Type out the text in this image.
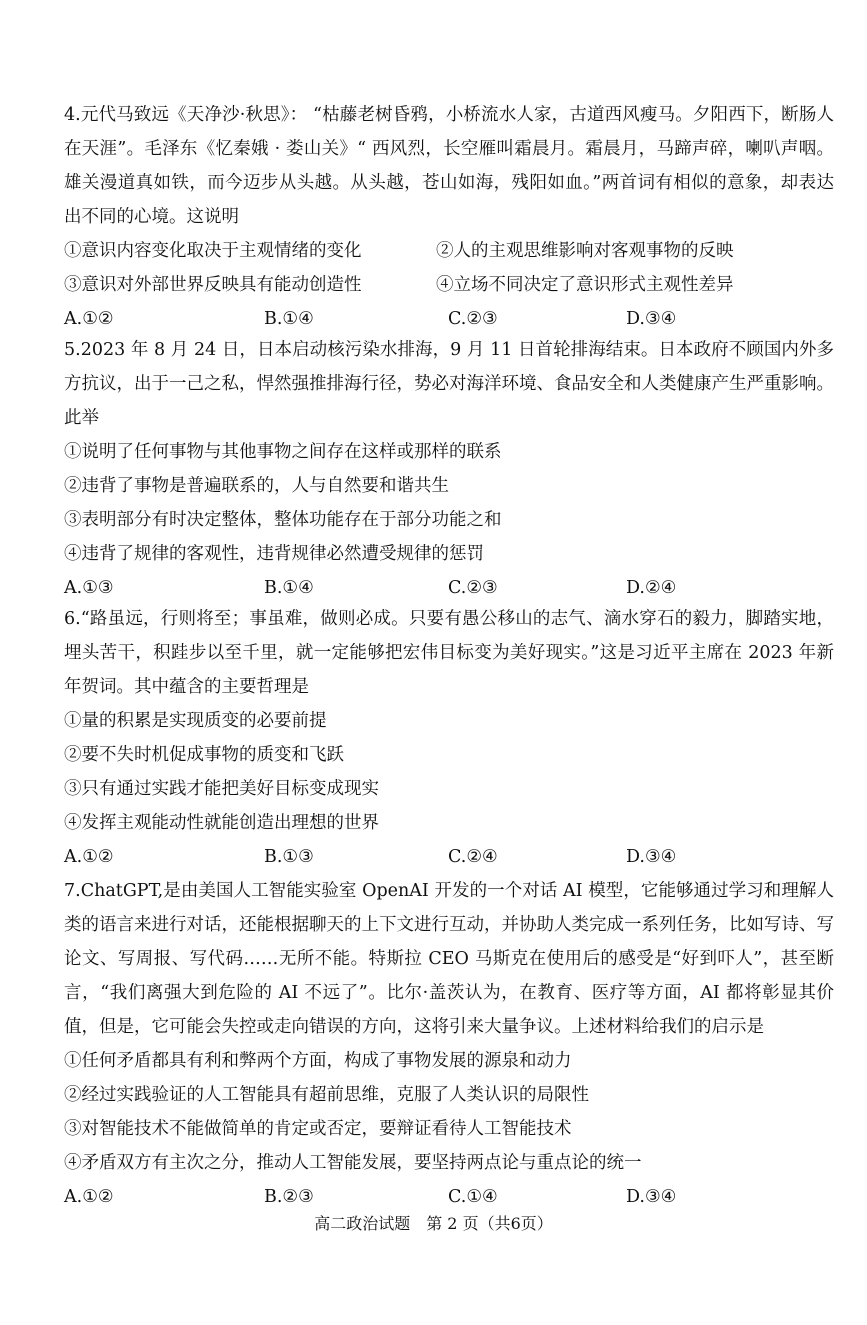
4.元代马致远《天净沙·秋思》： “枯藤老树昏鸦，小桥流水人家，古道西风瘦马。夕阳西下，断肠人在天涯”。毛泽东《忆秦娥 · 娄山关》“ 西风烈，长空雁叫霜晨月。霜晨月，马蹄声碎，喇叭声咽。雄关漫道真如铁，而今迈步从头越。从头越，苍山如海，残阳如血。”两首词有相似的意象，却表达出不同的心境。这说明

①意识内容变化取决于主观情绪的变化	②人的主观思维影响对客观事物的反映
③意识对外部世界反映具有能动创造性	④立场不同决定了意识形式主观性差异
A.①②	B.①④	C.②③	D.③④

5.2023 年 8 月 24 日，日本启动核污染水排海，9 月 11 日首轮排海结束。日本政府不顾国内外多方抗议，出于一己之私，悍然强推排海行径，势必对海洋环境、食品安全和人类健康产生严重影响。此举

①说明了任何事物与其他事物之间存在这样或那样的联系
②违背了事物是普遍联系的，人与自然要和谐共生
③表明部分有时决定整体，整体功能存在于部分功能之和
④违背了规律的客观性，违背规律必然遭受规律的惩罚
A.①③	B.①④	C.②③	D.②④

6.“路虽远，行则将至；事虽难，做则必成。只要有愚公移山的志气、滴水穿石的毅力，脚踏实地，埋头苦干，积跬步以至千里，就一定能够把宏伟目标变为美好现实。”这是习近平主席在 2023 年新年贺词。其中蕴含的主要哲理是

①量的积累是实现质变的必要前提
②要不失时机促成事物的质变和飞跃
③只有通过实践才能把美好目标变成现实
④发挥主观能动性就能创造出理想的世界
A.①②	B.①③	C.②④	D.③④

7.ChatGPT,是由美国人工智能实验室 OpenAI 开发的一个对话 AI 模型，它能够通过学习和理解人类的语言来进行对话，还能根据聊天的上下文进行互动，并协助人类完成一系列任务，比如写诗、写论文、写周报、写代码……无所不能。特斯拉 CEO 马斯克在使用后的感受是“好到吓人”，甚至断言，“我们离强大到危险的 AI 不远了”。比尔·盖茨认为，在教育、医疗等方面，AI 都将彰显其价值，但是，它可能会失控或走向错误的方向，这将引来大量争议。上述材料给我们的启示是

①任何矛盾都具有利和弊两个方面，构成了事物发展的源泉和动力
②经过实践验证的人工智能具有超前思维，克服了人类认识的局限性
③对智能技术不能做简单的肯定或否定，要辩证看待人工智能技术
④矛盾双方有主次之分，推动人工智能发展，要坚持两点论与重点论的统一
A.①②	B.②③	C.①④	D.③④
高二政治试题　第 2 页（共6页）
